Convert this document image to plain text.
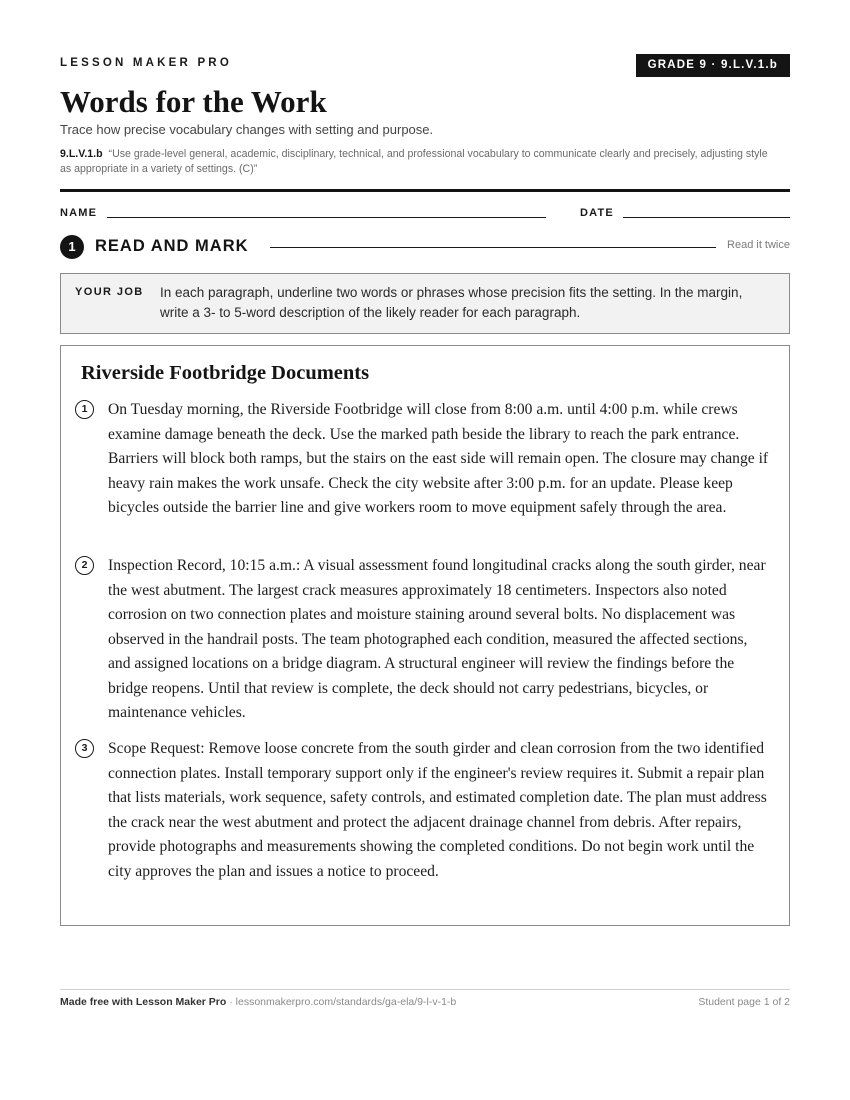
LESSON MAKER PRO	GRADE 9 · 9.L.V.1.b
Words for the Work
Trace how precise vocabulary changes with setting and purpose.
9.L.V.1.b “Use grade-level general, academic, disciplinary, technical, and professional vocabulary to communicate clearly and precisely, adjusting style as appropriate in a variety of settings. (C)”
NAME	DATE
1	READ AND MARK	Read it twice
YOUR JOB In each paragraph, underline two words or phrases whose precision fits the setting. In the margin, write a 3- to 5-word description of the likely reader for each paragraph.
Riverside Footbridge Documents
1	On Tuesday morning, the Riverside Footbridge will close from 8:00 a.m. until 4:00 p.m. while crews examine damage beneath the deck. Use the marked path beside the library to reach the park entrance. Barriers will block both ramps, but the stairs on the east side will remain open. The closure may change if heavy rain makes the work unsafe. Check the city website after 3:00 p.m. for an update. Please keep bicycles outside the barrier line and give workers room to move equipment safely through the area.

2	Inspection Record, 10:15 a.m.: A visual assessment found longitudinal cracks along the south girder, near the west abutment. The largest crack measures approximately 18 centimeters. Inspectors also noted corrosion on two connection plates and moisture staining around several bolts. No displacement was observed in the handrail posts. The team photographed each condition, measured the affected sections, and assigned locations on a bridge diagram. A structural engineer will review the findings before the bridge reopens. Until that review is complete, the deck should not carry pedestrians, bicycles, or maintenance vehicles.

3	Scope Request: Remove loose concrete from the south girder and clean corrosion from the two identified connection plates. Install temporary support only if the engineer's review requires it. Submit a repair plan that lists materials, work sequence, safety controls, and estimated completion date. The plan must address the crack near the west abutment and protect the adjacent drainage channel from debris. After repairs, provide photographs and measurements showing the completed conditions. Do not begin work until the city approves the plan and issues a notice to proceed.

Made free with Lesson Maker Pro · lessonmakerpro.com/standards/ga-ela/9-l-v-1-b	Student page 1 of 2
